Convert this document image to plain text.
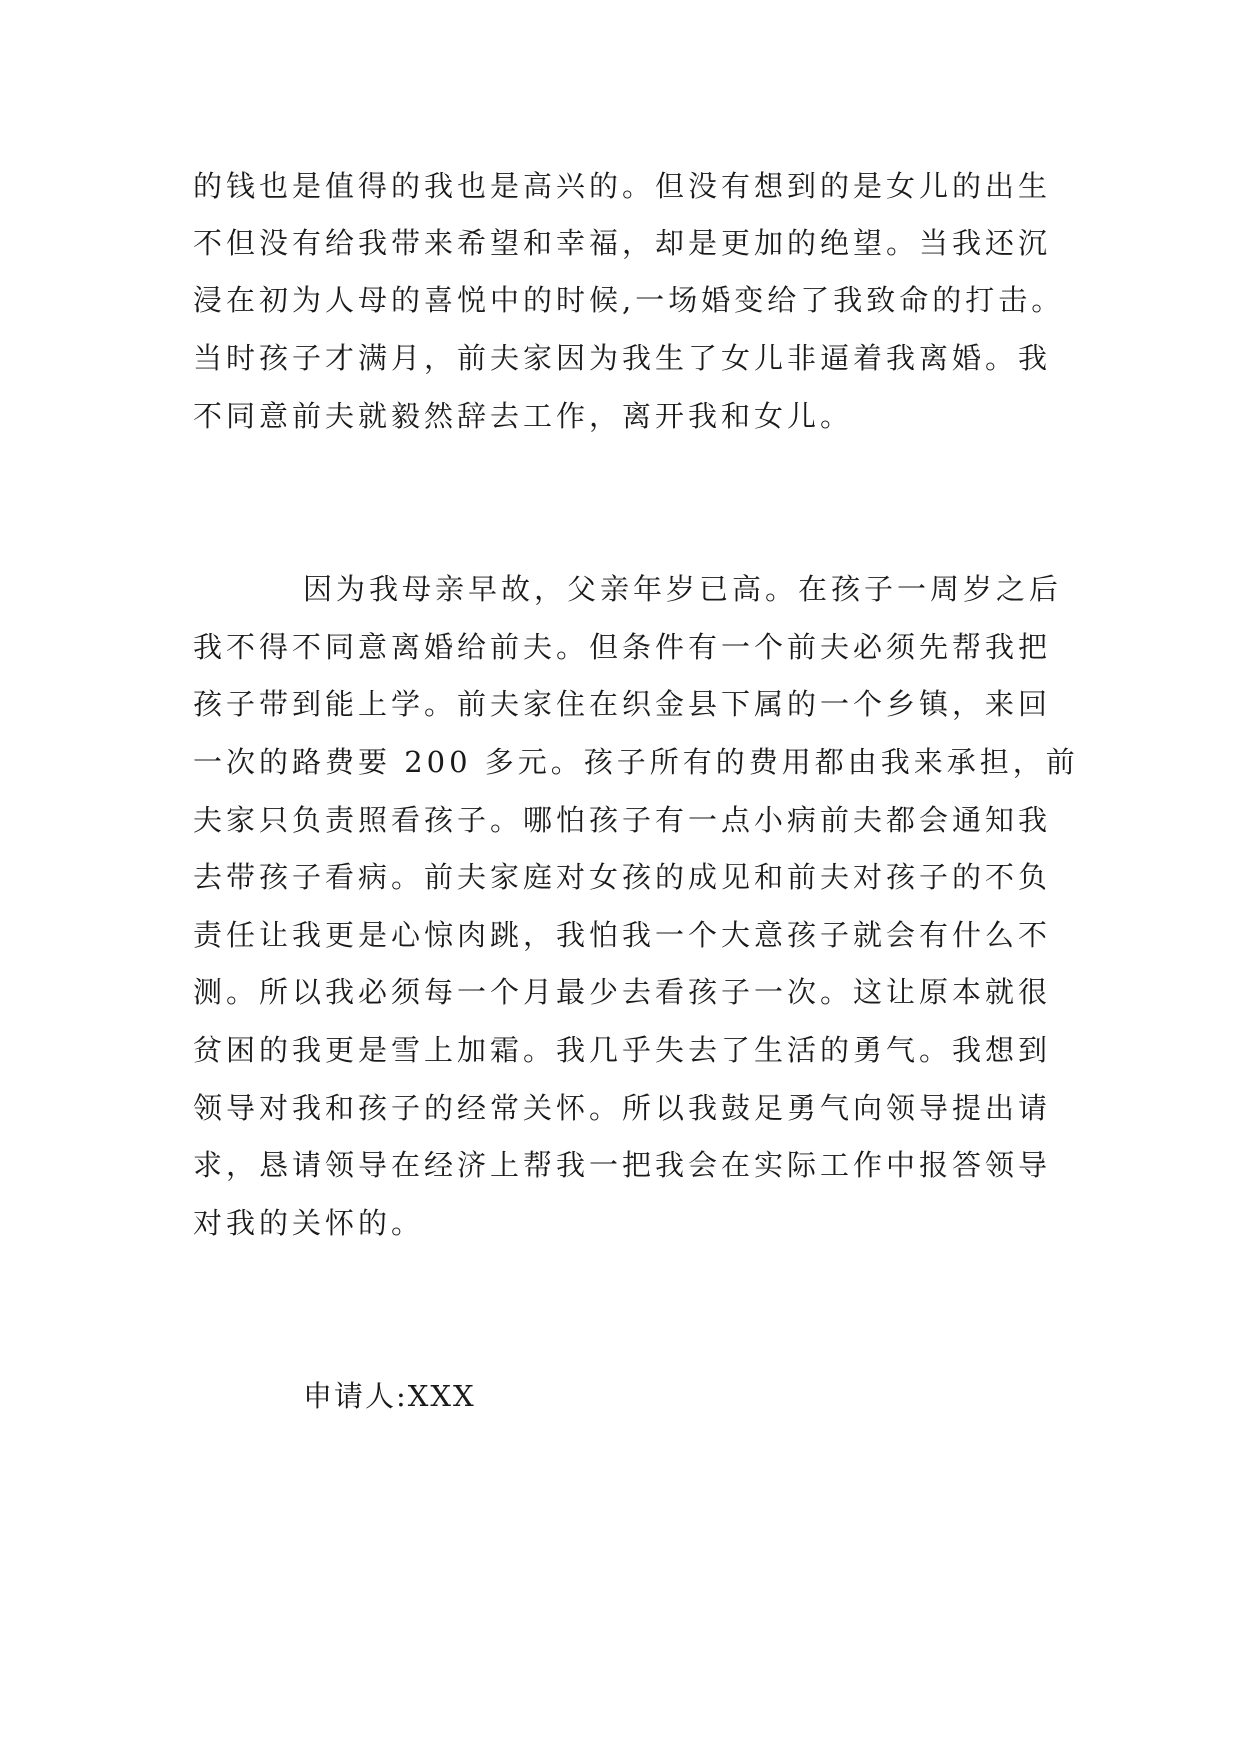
的钱也是值得的我也是高兴的。但没有想到的是女儿的出生

不但没有给我带来希望和幸福，却是更加的绝望。当我还沉

浸在初为人母的喜悦中的时候,一场婚变给了我致命的打击。

当时孩子才满月，前夫家因为我生了女儿非逼着我离婚。我

不同意前夫就毅然辞去工作，离开我和女儿。

因为我母亲早故，父亲年岁已高。在孩子一周岁之后

我不得不同意离婚给前夫。但条件有一个前夫必须先帮我把

孩子带到能上学。前夫家住在织金县下属的一个乡镇，来回

一次的路费要 200 多元。孩子所有的费用都由我来承担，前

夫家只负责照看孩子。哪怕孩子有一点小病前夫都会通知我

去带孩子看病。前夫家庭对女孩的成见和前夫对孩子的不负

责任让我更是心惊肉跳，我怕我一个大意孩子就会有什么不

测。所以我必须每一个月最少去看孩子一次。这让原本就很

贫困的我更是雪上加霜。我几乎失去了生活的勇气。我想到

领导对我和孩子的经常关怀。所以我鼓足勇气向领导提出请

求，恳请领导在经济上帮我一把我会在实际工作中报答领导

对我的关怀的。

申请人:XXX
